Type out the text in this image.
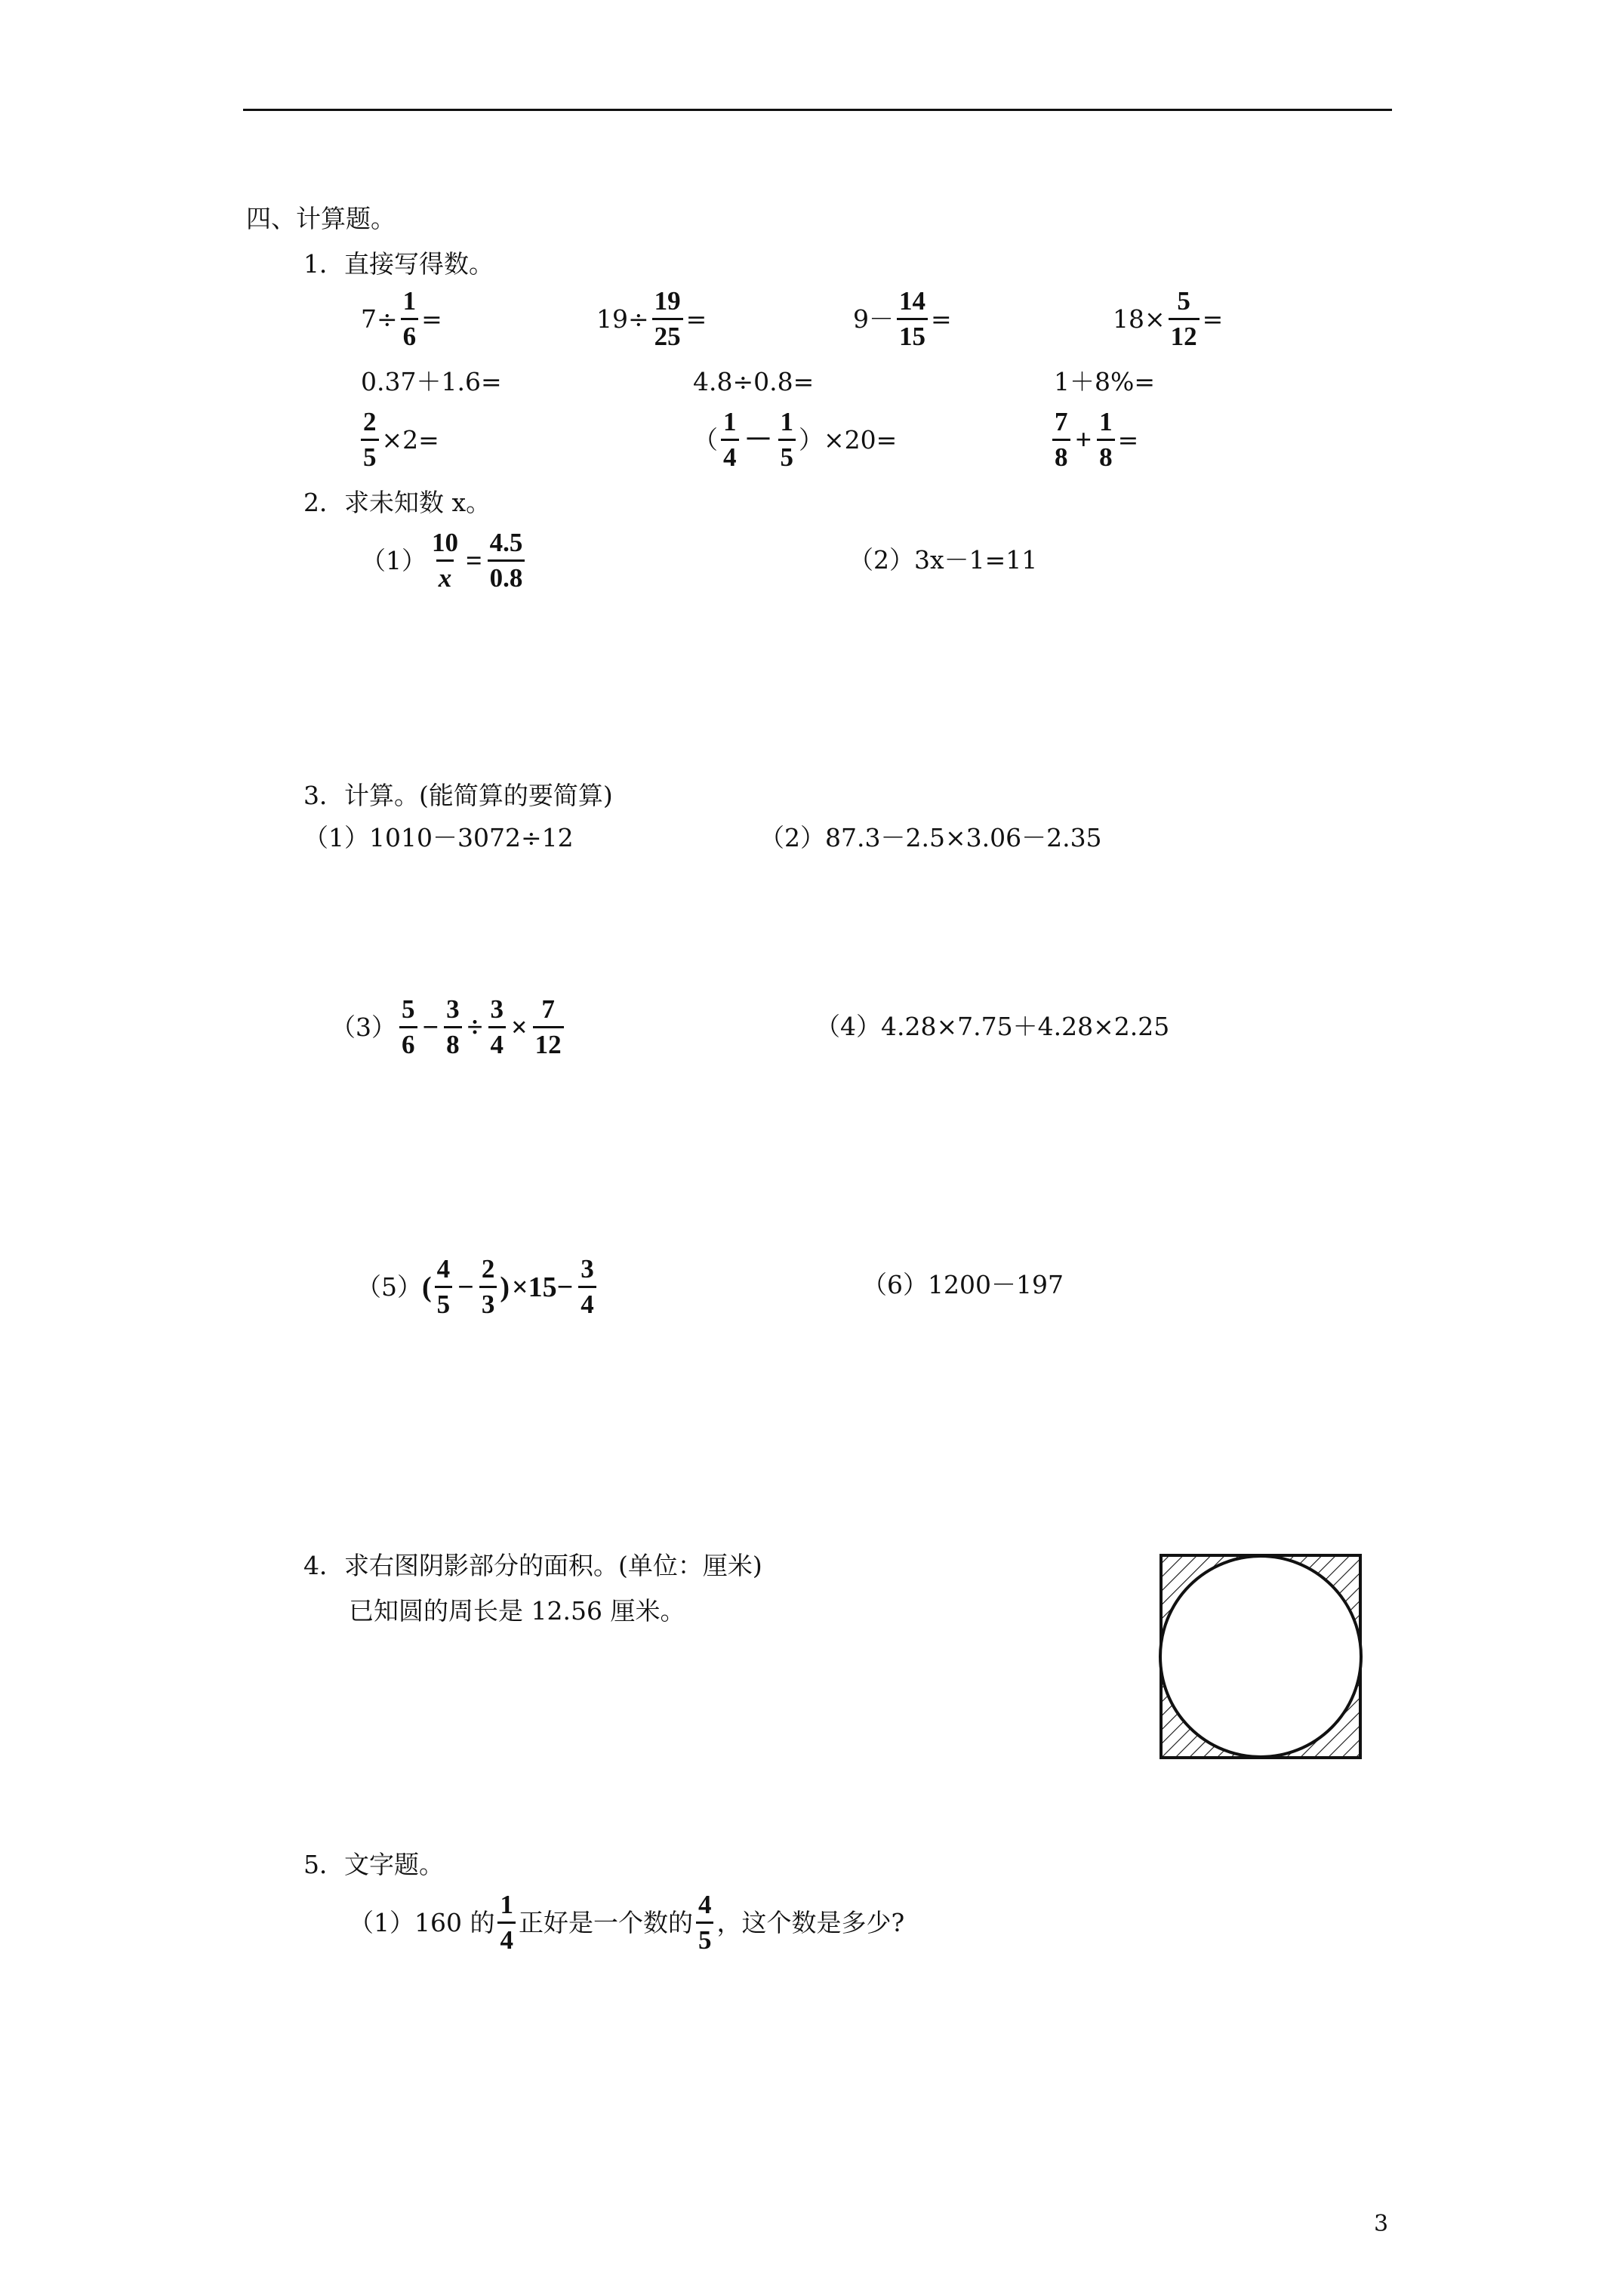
四、计算题。
1．直接写得数。
$7\div \frac{1}{6}$ =	$19\div \frac{19}{25}$ =	$9- \frac{14}{15}$ =	$18\times \frac{5}{12}$ =
0.37＋1.6=	4.8÷0.8=	1＋8%=
$\frac{2}{5} \times 2=$	（ $\frac{1}{4} - \frac{1}{5} )\times 20=$	$\frac{7}{8} + \frac{1}{8}$ =
2．求未知数 x。
$(1) \frac{10}{x} = \frac{4.5}{0.8}$	（2）3x－1=11
3．计算。(能简算的要简算)
（1）1010－3072÷12	（2）87.3－2.5×3.06－2.35
$(3) \frac{5}{6} - \frac{3}{8} \div \frac{3}{4} \times \frac{7}{12}$	（4）4.28×7.75＋4.28×2.25
（5） ( $\frac{4}{5} - \frac{2}{3}$ ) $\times 15- \frac{3}{4}$	（6）1200－197
4．求右图阴影部分的面积。(单位：厘米)
已知圆的周长是 12.56 厘米。
5．文字题。
（1）160 的 $\frac{1}{4}$ 正好是一个数的 $\frac{4}{5}$ ，这个数是多少?
3
